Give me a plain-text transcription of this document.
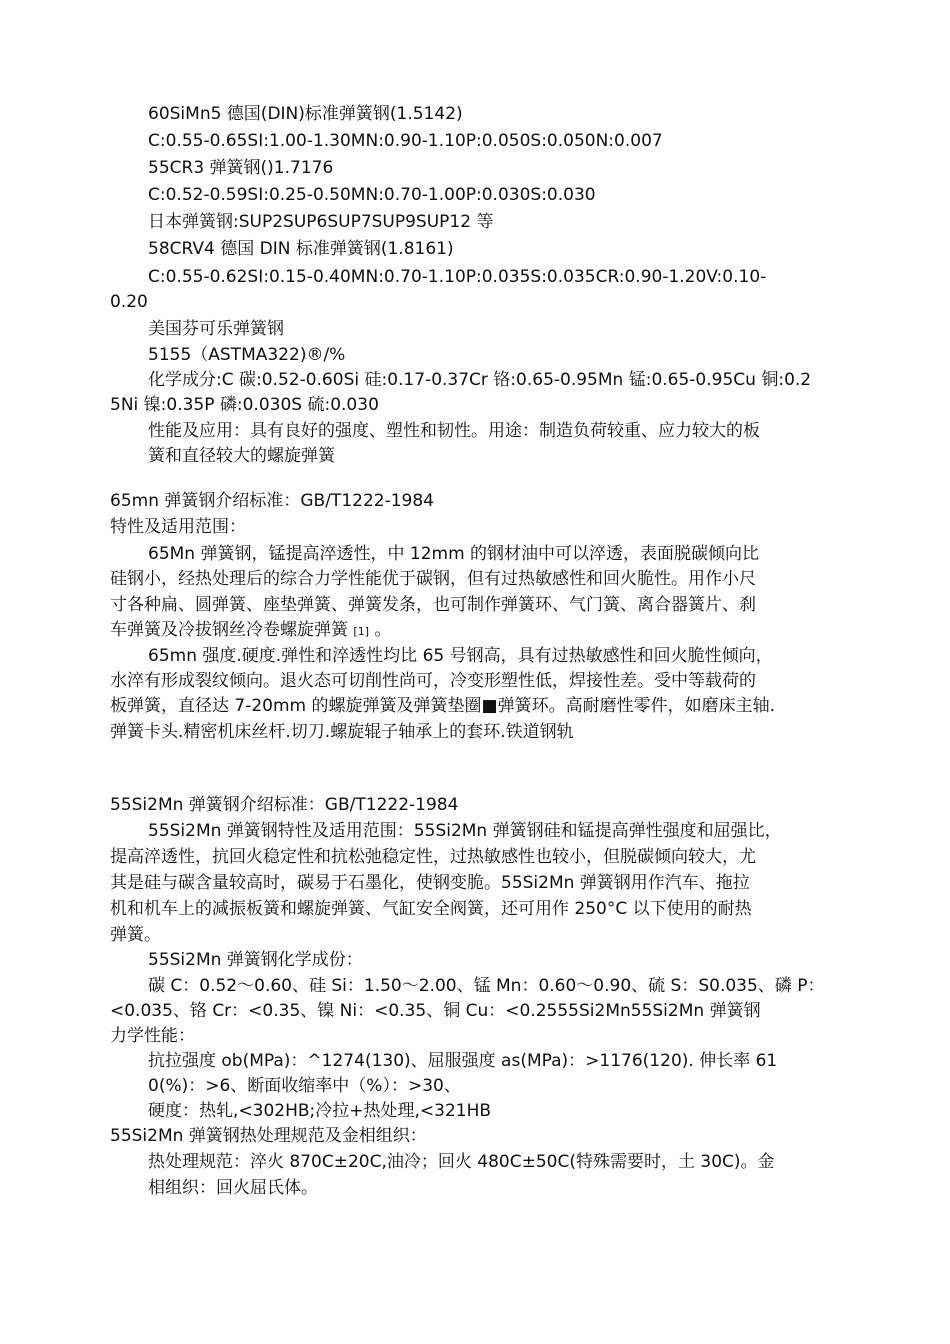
60SiMn5 德国(DIN)标准弹簧钢(1.5142)
C:0.55-0.65SI:1.00-1.30MN:0.90-1.10P:0.050S:0.050N:0.007
55CR3 弹簧钢()1.7176
C:0.52-0.59SI:0.25-0.50MN:0.70-1.00P:0.030S:0.030
日本弹簧钢:SUP2SUP6SUP7SUP9SUP12 等
58CRV4 德国 DIN 标准弹簧钢(1.8161)
C:0.55-0.62SI:0.15-0.40MN:0.70-1.10P:0.035S:0.035CR:0.90-1.20V:0.10-
0.20
美国芬可乐弹簧钢
5155（ASTMA322)®/%
化学成分:C 碳:0.52-0.60Si 硅:0.17-0.37Cr 铬:0.65-0.95Mn 锰:0.65-0.95Cu 铜:0.2
5Ni 镍:0.35P 磷:0.030S 硫:0.030
性能及应用：具有良好的强度、塑性和韧性。用途：制造负荷较重、应力较大的板
簧和直径较大的螺旋弹簧
65mn 弹簧钢介绍标准：GB/T1222-1984
特性及适用范围：
65Mn 弹簧钢，锰提高淬透性，中 12mm 的钢材油中可以淬透，表面脱碳倾向比
硅钢小，经热处理后的综合力学性能优于碳钢，但有过热敏感性和回火脆性。用作小尺
寸各种扁、圆弹簧、座垫弹簧、弹簧发条，也可制作弹簧环、气门簧、离合器簧片、刹
车弹簧及冷拔钢丝冷卷螺旋弹簧 [1] 。
65mn 强度.硬度.弹性和淬透性均比 65 号钢高，具有过热敏感性和回火脆性倾向，
水淬有形成裂纹倾向。退火态可切削性尚可，冷变形塑性低，焊接性差。受中等载荷的
板弹簧，直径达 7-20mm 的螺旋弹簧及弹簧垫圈■弹簧环。高耐磨性零件，如磨床主轴.
弹簧卡头.精密机床丝杆.切刀.螺旋辊子轴承上的套环.铁道钢轨
55Si2Mn 弹簧钢介绍标准：GB/T1222-1984
55Si2Mn 弹簧钢特性及适用范围：55Si2Mn 弹簧钢硅和锰提高弹性强度和屈强比，
提高淬透性，抗回火稳定性和抗松弛稳定性，过热敏感性也较小，但脱碳倾向较大，尤
其是硅与碳含量较高时，碳易于石墨化，使钢变脆。55Si2Mn 弹簧钢用作汽车、拖拉
机和机车上的减振板簧和螺旋弹簧、气缸安全阀簧，还可用作 250°C 以下使用的耐热
弹簧。
55Si2Mn 弹簧钢化学成份：
碳 C：0.52〜0.60、硅 Si：1.50〜2.00、锰 Mn：0.60〜0.90、硫 S：S0.035、磷 P：
<0.035、铬 Cr：<0.35、镍 Ni：<0.35、铜 Cu：<0.2555Si2Mn55Si2Mn 弹簧钢
力学性能：
抗拉强度 ob(MPa)：^1274(130)、屈服强度 as(MPa)：>1176(120). 伸长率 61
0(%)：>6、断面收缩率中（%）：>30、
硬度：热轧,<302HB;冷拉+热处理,<321HB
55Si2Mn 弹簧钢热处理规范及金相组织：
热处理规范：淬火 870C±20C,油冷；回火 480C±50C(特殊需要时，土 30C)。金
相组织：回火屈氏体。
